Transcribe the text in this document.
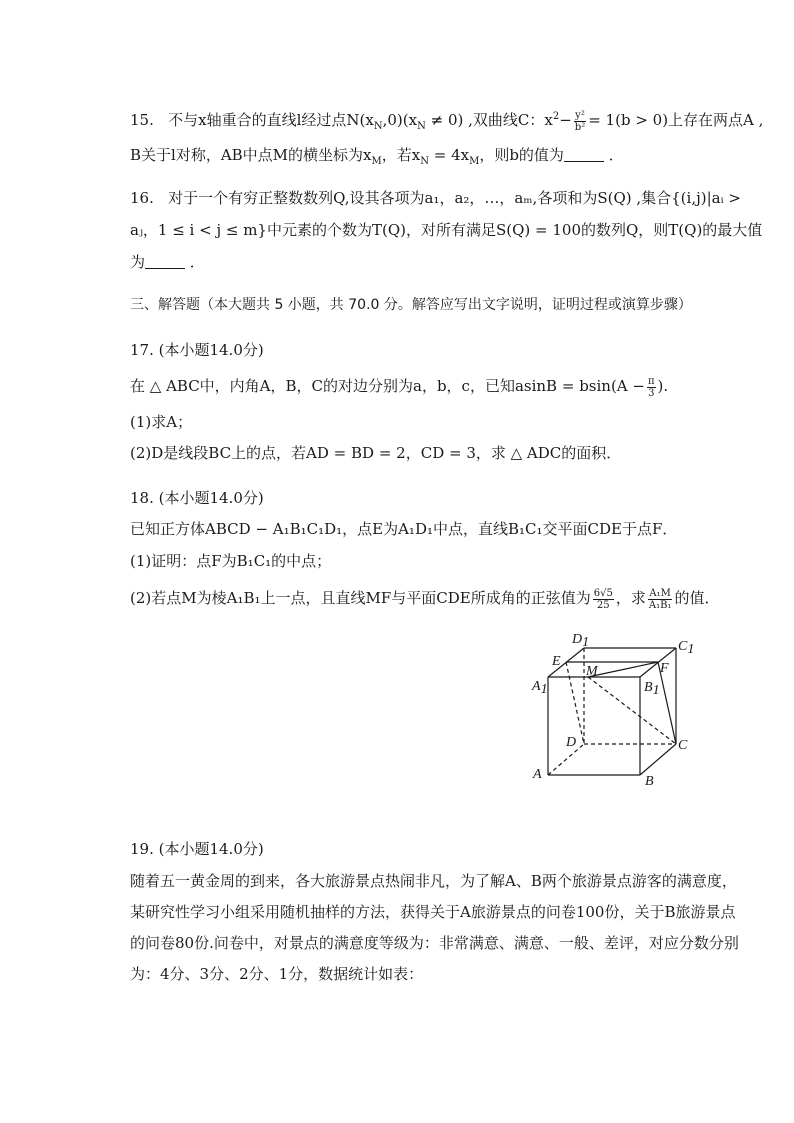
15. 不与x轴重合的直线l经过点$N(x_N,0)(x_N \ne 0)$ ,双曲线C：$x^2- \frac{\text{y²}}{\text{b²}} = 1(b > 0)$上存在两点A ,
B关于l对称，AB中点M的横坐标为$x_M$，若$x_N = 4x_M$，则b的值为	．
16. 对于一个有穷正整数数列Q,设其各项为a₁，a₂，…，aₘ,各项和为S(Q) ,集合{(i,j)|aᵢ >
aⱼ，1 ≤ i < j ≤ m}中元素的个数为T(Q)，对所有满足S(Q) = 100的数列Q，则T(Q)的最大值
为	．
三、解答题（本大题共 5 小题，共 70.0 分。解答应写出文字说明，证明过程或演算步骤）
17. (本小题14.0分)
在 △ ABC中，内角A，B，C的对边分别为a，b，c，已知$asinB = bsin(A - \frac{\pi}{3}$ ).
(1)求A；
(2)D是线段BC上的点，若AD = BD = 2，CD = 3，求 △ ADC的面积．
18. (本小题14.0分)
已知正方体ABCD − A₁B₁C₁D₁，点E为A₁D₁中点，直线B₁C₁交平面CDE于点F．
(1)证明：点F为B₁C₁的中点；
(2)若点M为棱A₁B₁上一点，且直线MF与平面CDE所成角的正弦值为 $\frac{6√5}{25}$ ，求 $\frac{\text{A₁M}}{\text{A₁B₁}}$ 的值．
D1	C1
E
M	F
A1	B1
D	C
A	B
19. (本小题14.0分)
随着五一黄金周的到来，各大旅游景点热闹非凡，为了解A、B两个旅游景点游客的满意度，
某研究性学习小组采用随机抽样的方法，获得关于A旅游景点的问卷100份，关于B旅游景点
的问卷80份.问卷中，对景点的满意度等级为：非常满意、满意、一般、差评，对应分数分别
为：4分、3分、2分、1分，数据统计如表：
